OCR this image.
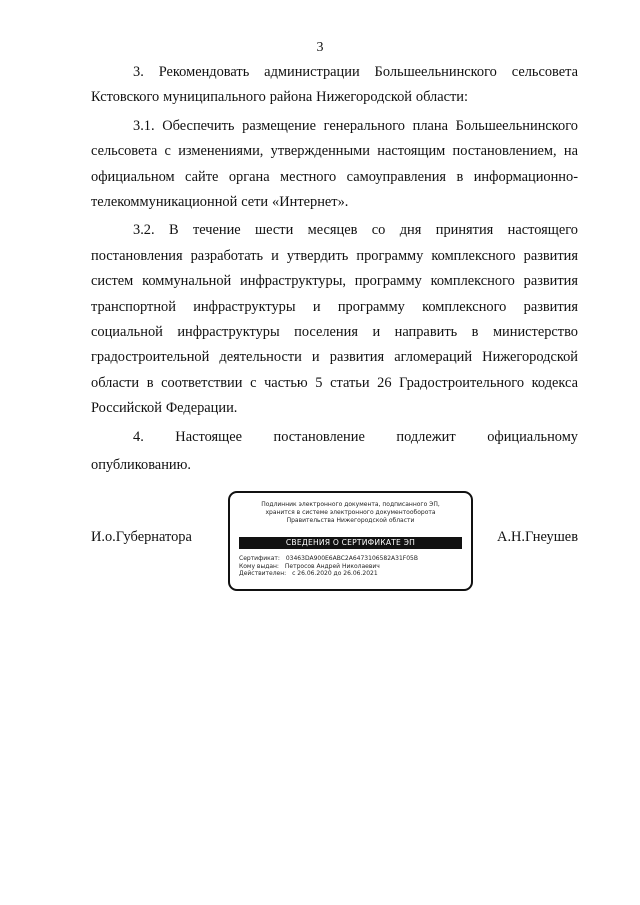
3

3. Рекомендовать администрации Большеельнинского сельсовета Кстовского муниципального района Нижегородской области:

3.1. Обеспечить размещение генерального плана Большеельнинского сельсовета с изменениями, утвержденными настоящим постановлением, на официальном сайте органа местного самоуправления в информационно-телекоммуникационной сети «Интернет».

3.2. В течение шести месяцев со дня принятия настоящего постановления разработать и утвердить программу комплексного развития систем коммунальной инфраструктуры, программу комплексного развития транспортной инфраструктуры и программу комплексного развития социальной инфраструктуры поселения и направить в министерство градостроительной деятельности и развития агломераций Нижегородской области в соответствии с частью 5 статьи 26 Градостроительного кодекса Российской Федерации.

4. Настоящее постановление подлежит официальному

опубликованию.

И.о.Губернатора
Подлинник электронного документа, подписанного ЭП,
хранится в системе электронного документооборота
Правительства Нижегородской области
СВЕДЕНИЯ О СЕРТИФИКАТЕ ЭП
Сертификат: 03463DA900E6ABC2A6473106582A31F05B
Кому выдан: Петросов Андрей Николаевич
Действителен: с 26.06.2020 до 26.06.2021
А.Н.Гнеушев
